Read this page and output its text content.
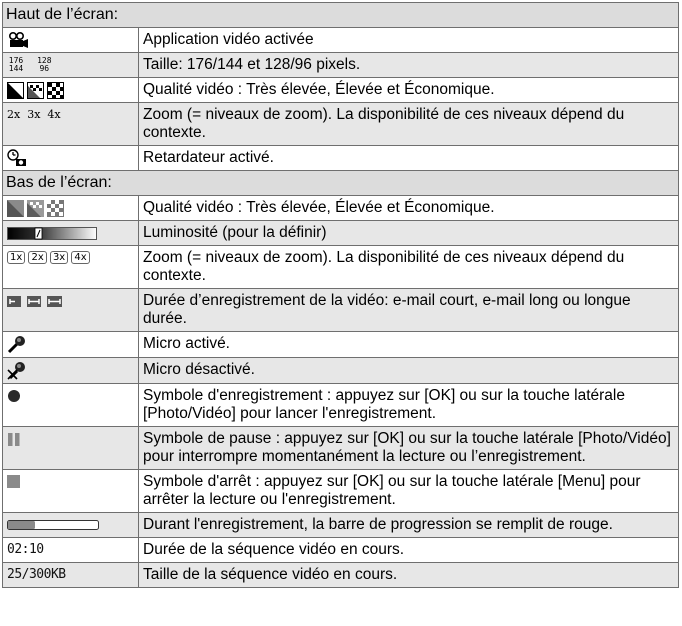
Haut de l’écran:	

	Application vidéo activée

176
144

128
96	Taille: 176/144 et 128/96 pixels.

	Qualité vidéo : Très élevée, Élevée et Économique.
2x 3x 4x	Zoom (= niveaux de zoom). La disponibilité de ces niveaux dépend du contexte.

	Retardateur activé.
Bas de l’écran:	

	Qualité vidéo : Très élevée, Élevée et Économique.

	Luminosité (pour la définir)
1x 2x 3x 4x	Zoom (= niveaux de zoom). La disponibilité de ces niveaux dépend du contexte.

	Durée d’enregistrement de la vidéo: e-mail court, e-mail long ou longue durée.

	Micro activé.

	Micro désactivé.

	Symbole d'enregistrement : appuyez sur [OK] ou sur la touche latérale [Photo/Vidéo] pour lancer l'enregistrement.

	Symbole de pause : appuyez sur [OK] ou sur la touche latérale [Photo/Vidéo] pour interrompre momentanément la lecture ou l’enregistrement.

	Symbole d'arrêt : appuyez sur [OK] ou sur la touche latérale [Menu] pour arrêter la lecture ou l'enregistrement.

	Durant l'enregistrement, la barre de progression se remplit de rouge.
02:10	Durée de la séquence vidéo en cours.
25/300KB	Taille de la séquence vidéo en cours.
